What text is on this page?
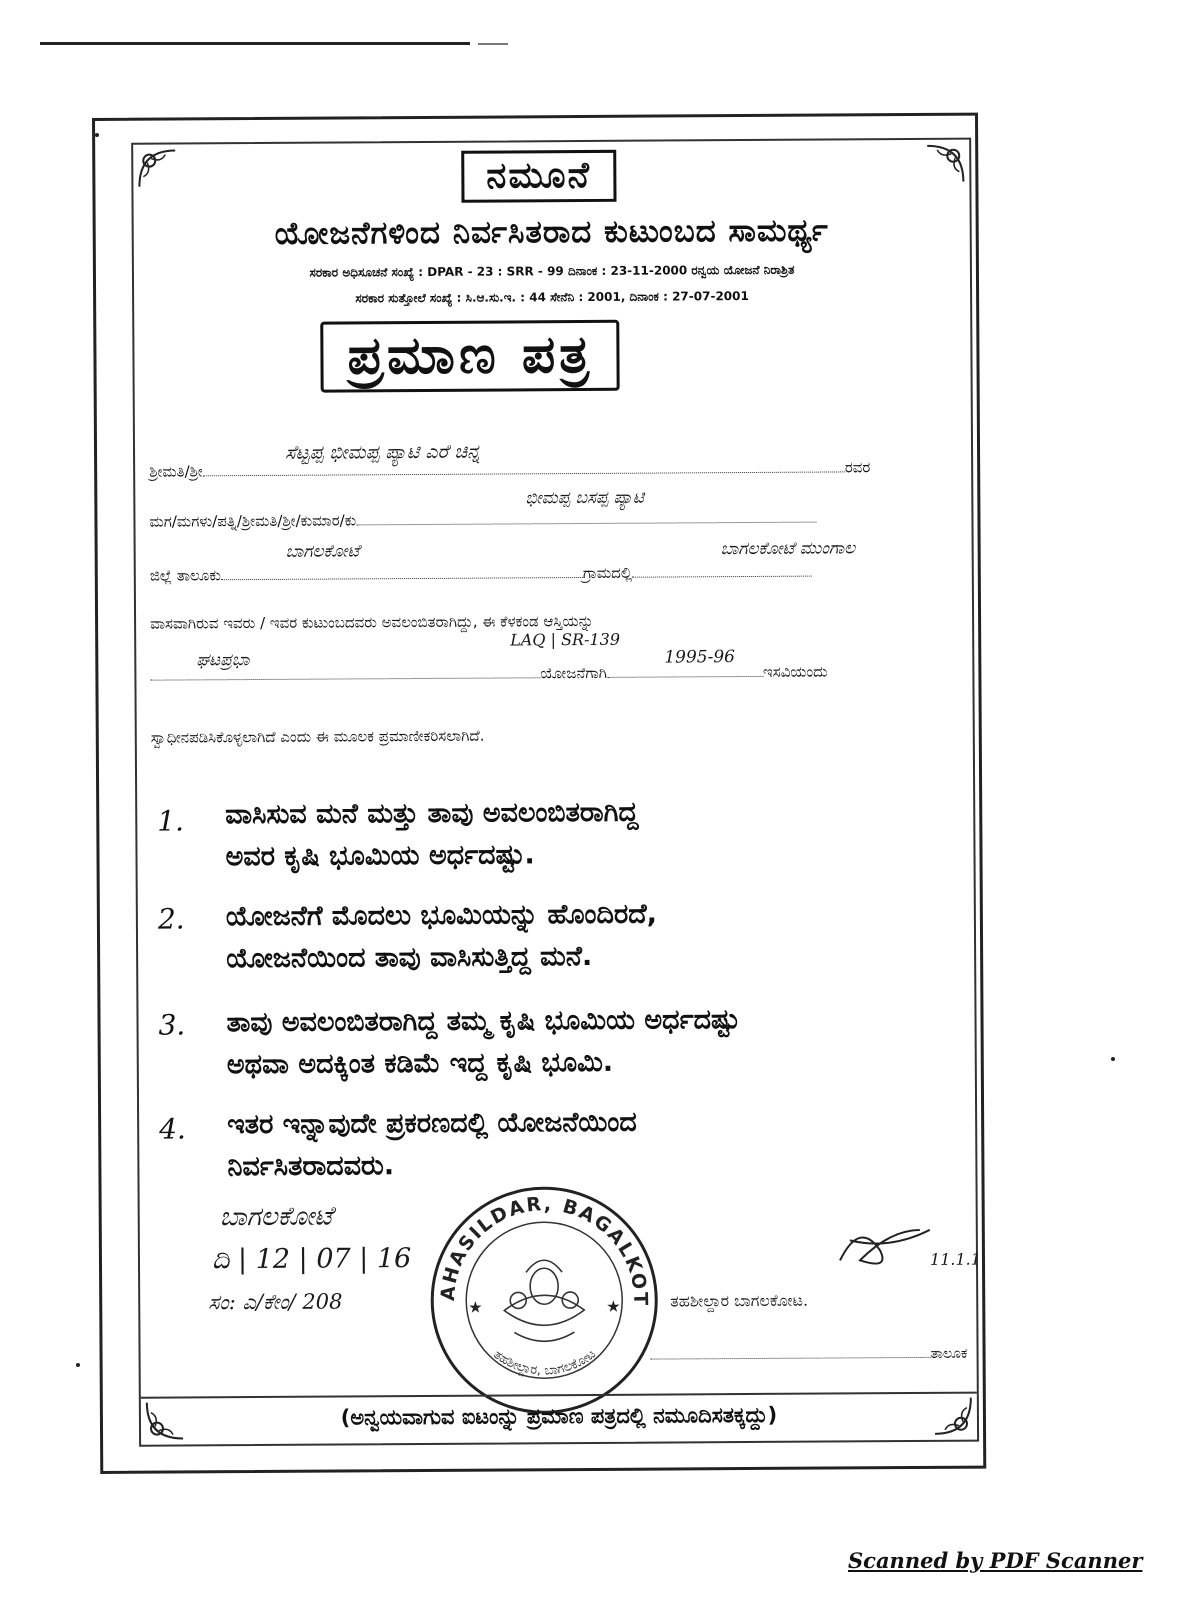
ನಮೂನೆ
ಯೋಜನೆಗಳಿಂದ ನಿರ್ವಸಿತರಾದ ಕುಟುಂಬದ ಸಾಮರ್ಥ್ಯ
ಸರಕಾರ ಅಧಿಸೂಚನೆ ಸಂಖ್ಯೆ : DPAR - 23 : SRR - 99 ದಿನಾಂಕ : 23-11-2000 ರನ್ವಯ ಯೋಜನೆ ನಿರಾಶ್ರಿತ
ಸರಕಾರ ಸುತ್ತೋಲೆ ಸಂಖ್ಯೆ : ಸಿ.ಆ.ಸು.ಇ. : 44 ಸೇನೆನಿ : 2001, ದಿನಾಂಕ : 27-07-2001
ಪ್ರಮಾಣ ಪತ್ರ
ಶ್ರೀಮತಿ/ಶ್ರೀ	ರವರ
ಸೆಟ್ಟಪ್ಪ ಭೀಮಪ್ಪ ಪ್ಯಾಟಿ ಎರೆ ಚಿನ್ನ
ಮಗ/ಮಗಳು/ಪತ್ನಿ/ಶ್ರೀಮತಿ/ಶ್ರೀ/ಕುಮಾರ/ಕು
ಭೀಮಪ್ಪ ಬಸಪ್ಪ ಪ್ಯಾಟಿ
ಜಿಲ್ಲೆ ತಾಲೂಕು	ಗ್ರಾಮದಲ್ಲಿ
ಬಾಗಲಕೋಟೆ	ಬಾಗಲಕೋಟೆ ಮುಂಗಾಲ
ವಾಸವಾಗಿರುವ ಇವರು / ಇವರ ಕುಟುಂಬದವರು ಅವಲಂಬಿತರಾಗಿದ್ದು, ಈ ಕೆಳಕಂಡ ಆಸ್ತಿಯನ್ನು
ಯೋಜನೆಗಾಗಿ	ಇಸವಿಯಂದು
LAQ | SR-139
ಘಟಪ್ರಭಾ	1995-96
ಸ್ವಾಧೀನಪಡಿಸಿಕೊಳ್ಳಲಾಗಿದೆ ಎಂದು ಈ ಮೂಲಕ ಪ್ರಮಾಣೀಕರಿಸಲಾಗಿದೆ.
1. ವಾಸಿಸುವ ಮನೆ ಮತ್ತು ತಾವು ಅವಲಂಬಿತರಾಗಿದ್ದ
ಅವರ ಕೃಷಿ ಭೂಮಿಯ ಅರ್ಧದಷ್ಟು.
2. ಯೋಜನೆಗೆ ಮೊದಲು ಭೂಮಿಯನ್ನು ಹೊಂದಿರದೆ,
ಯೋಜನೆಯಿಂದ ತಾವು ವಾಸಿಸುತ್ತಿದ್ದ ಮನೆ.
3. ತಾವು ಅವಲಂಬಿತರಾಗಿದ್ದ ತಮ್ಮ ಕೃಷಿ ಭೂಮಿಯ ಅರ್ಧದಷ್ಟು
ಅಥವಾ ಅದಕ್ಕಿಂತ ಕಡಿಮೆ ಇದ್ದ ಕೃಷಿ ಭೂಮಿ.
4. ಇತರ ಇನ್ನಾವುದೇ ಪ್ರಕರಣದಲ್ಲಿ ಯೋಜನೆಯಿಂದ
ನಿರ್ವಸಿತರಾದವರು.
ಬಾಗಲಕೋಟೆ
ದಿ | 12 | 07 | 16
ಸಂ: ಎ/ಕೇಂ/ 208
TAHASILDAR, BAGALKOT.
ತಹಶೀಲ್ದಾರ, ಬಾಗಲಕೋಟ
★	★
11.1.1
ತಹಶೀಲ್ದಾರ ಬಾಗಲಕೋಟ.
ತಾಲೂಕ
(ಅನ್ವಯವಾಗುವ ಐಟಂನ್ನು ಪ್ರಮಾಣ ಪತ್ರದಲ್ಲಿ ನಮೂದಿಸತಕ್ಕದ್ದು)
Scanned by PDF Scanner
